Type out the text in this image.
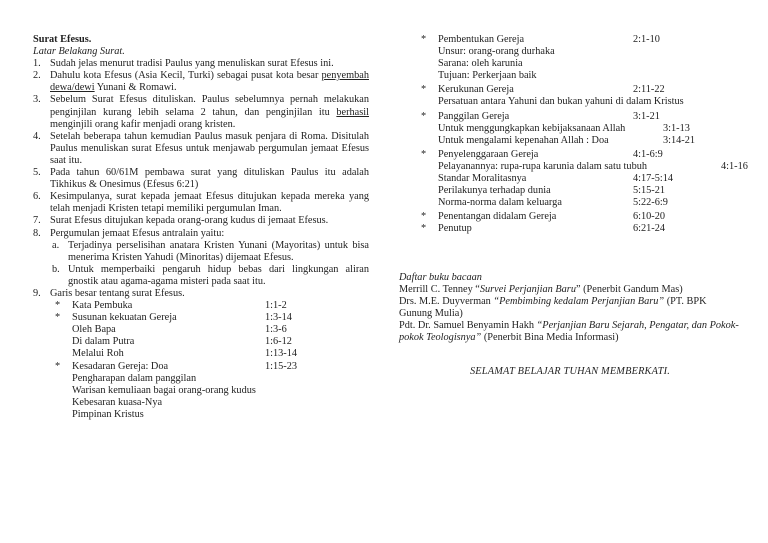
Surat Efesus.

Latar Belakang Surat.

1. Sudah jelas menurut tradisi Paulus yang menuliskan surat Efesus ini.
2. Dahulu kota Efesus (Asia Kecil, Turki) sebagai pusat kota besar penyembah dewa/dewi Yunani & Romawi.
3. Sebelum Surat Efesus dituliskan. Paulus sebelumnya pernah melakukan penginjilan kurang lebih selama 2 tahun, dan penginjilan itu berhasil menginjili orang kafir menjadi orang kristen.
4. Setelah beberapa tahun kemudian Paulus masuk penjara di Roma. Disitulah Paulus menuliskan surat Efesus untuk menjawab pergumulan jemaat Efesus saat itu.
5. Pada tahun 60/61M pembawa surat yang dituliskan Paulus itu adalah Tikhikus & Onesimus (Efesus 6:21)
6. Kesimpulanya, surat kepada jemaat Efesus ditujukan kepada mereka yang telah menjadi Kristen tetapi memiliki pergumulan Iman.
7. Surat Efesus ditujukan kepada orang-orang kudus di jemaat Efesus.
8. Pergumulan jemaat Efesus antralain yaitu:
a. Terjadinya perselisihan anatara Kristen Yunani (Mayoritas) untuk bisa menerima Kristen Yahudi (Minoritas) dijemaat Efesus.
b. Untuk memperbaiki pengaruh hidup bebas dari lingkungan aliran gnostik atau agama-agama misteri pada saat itu.
9. Garis besar tentang surat Efesus.
* Kata Pembuka	1:1-2
* Susunan kekuatan Gereja	1:3-14
Oleh Bapa	1:3-6
Di dalam Putra	1:6-12
Melalui Roh	1:13-14
* Kesadaran Gereja: Doa	1:15-23
Pengharapan dalam panggilan
Warisan kemuliaan bagai orang-orang kudus
Kebesaran kuasa-Nya
Pimpinan Kristus
* Pembentukan Gereja	2:1-10
Unsur: orang-orang durhaka
Sarana: oleh karunia
Tujuan: Perkerjaan baik
* Kerukunan Gereja	2:11-22
Persatuan antara Yahuni dan bukan yahuni di dalam Kristus
* Panggilan Gereja	3:1-21
Untuk menggungkapkan kebijaksanaan Allah	3:1-13
Untuk mengalami kepenahan Allah : Doa	3:14-21
* Penyelenggaraan Gereja	4:1-6:9
Pelayanannya: rupa-rupa karunia dalam satu tubuh	4:1-16
Standar Moralitasnya	4:17-5:14
Perilakunya terhadap dunia	5:15-21
Norma-norma dalam keluarga	5:22-6:9
* Penentangan didalam Gereja	6:10-20
* Penutup	6:21-24

Daftar buku bacaan

Merrill C. Tenney “Survei Perjanjian Baru” (Penerbit Gandum Mas)

Drs. M.E. Duyverman “Pembimbing kedalam Perjanjian Baru” (PT. BPK Gunung Mulia)

Pdt. Dr. Samuel Benyamin Hakh “Perjanjian Baru Sejarah, Pengatar, dan Pokok-pokok Teologisnya” (Penerbit Bina Media Informasi)

SELAMAT BELAJAR TUHAN MEMBERKATI.
